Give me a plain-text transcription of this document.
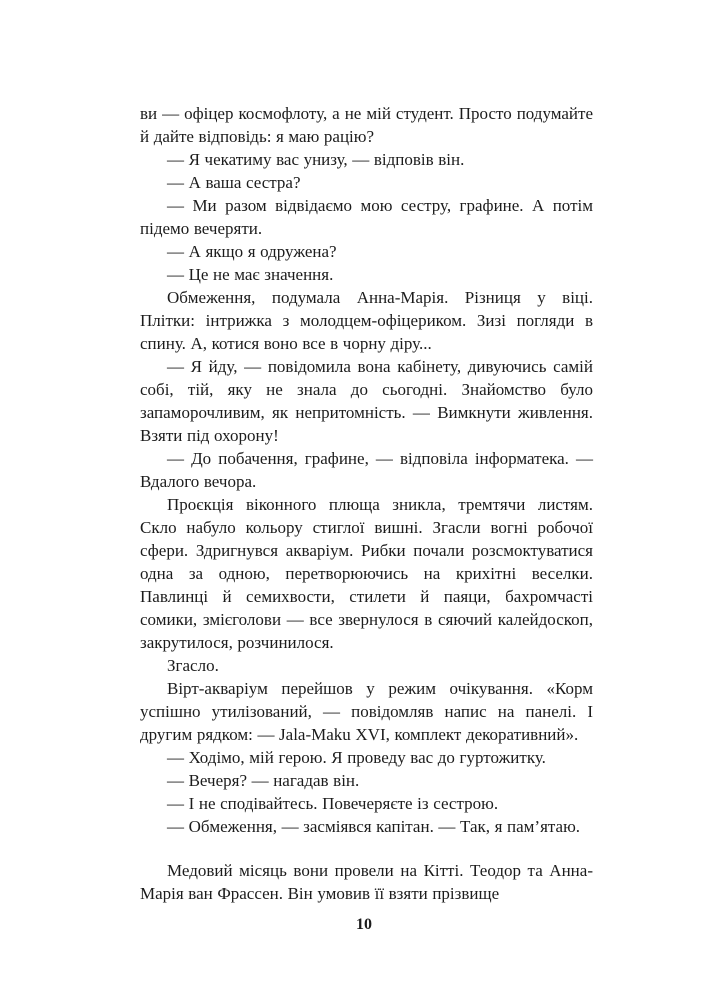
ви — офіцер космофлоту, а не мій студент. Просто подумайте й дайте відповідь: я маю рацію?

— Я чекатиму вас унизу, — відповів він.

— А ваша сестра?

— Ми разом відвідаємо мою сестру, графине. А потім підемо вечеряти.

— А якщо я одружена?

— Це не має значення.

Обмеження, подумала Анна-Марія. Різниця у віці. Плітки: інтрижка з молодцем-офіцериком. Зизі погляди в спину. А, котися воно все в чорну діру...

— Я йду, — повідомила вона кабінету, дивуючись самій собі, тій, яку не знала до сьогодні. Знайомство було запаморочливим, як непритомність. — Вимкнути живлення. Взяти під охорону!

— До побачення, графине, — відповіла інформатека. — Вдалого вечора.

Проєкція віконного плюща зникла, тремтячи листям. Скло набуло кольору стиглої вишні. Згасли вогні робочої сфери. Здригнувся акваріум. Рибки почали розсмоктуватися одна за одною, перетворюючись на крихітні веселки. Павлинці й семихвости, стилети й паяци, бахромчасті сомики, змієголови — все звернулося в сяючий калейдоскоп, закрутилося, розчинилося.

Згасло.

Вірт-акваріум перейшов у режим очікування. «Корм успішно утилізований, — повідомляв напис на панелі. І другим рядком: — Jala-Maku XVI, комплект декоративний».

— Ходімо, мій герою. Я проведу вас до гуртожитку.

— Вечеря? — нагадав він.

— І не сподівайтесь. Повечеряєте із сестрою.

— Обмеження, — засміявся капітан. — Так, я пам’ятаю.

Медовий місяць вони провели на Кітті. Теодор та Анна-Марія ван Фрассен. Він умовив її взяти прізвище

10
